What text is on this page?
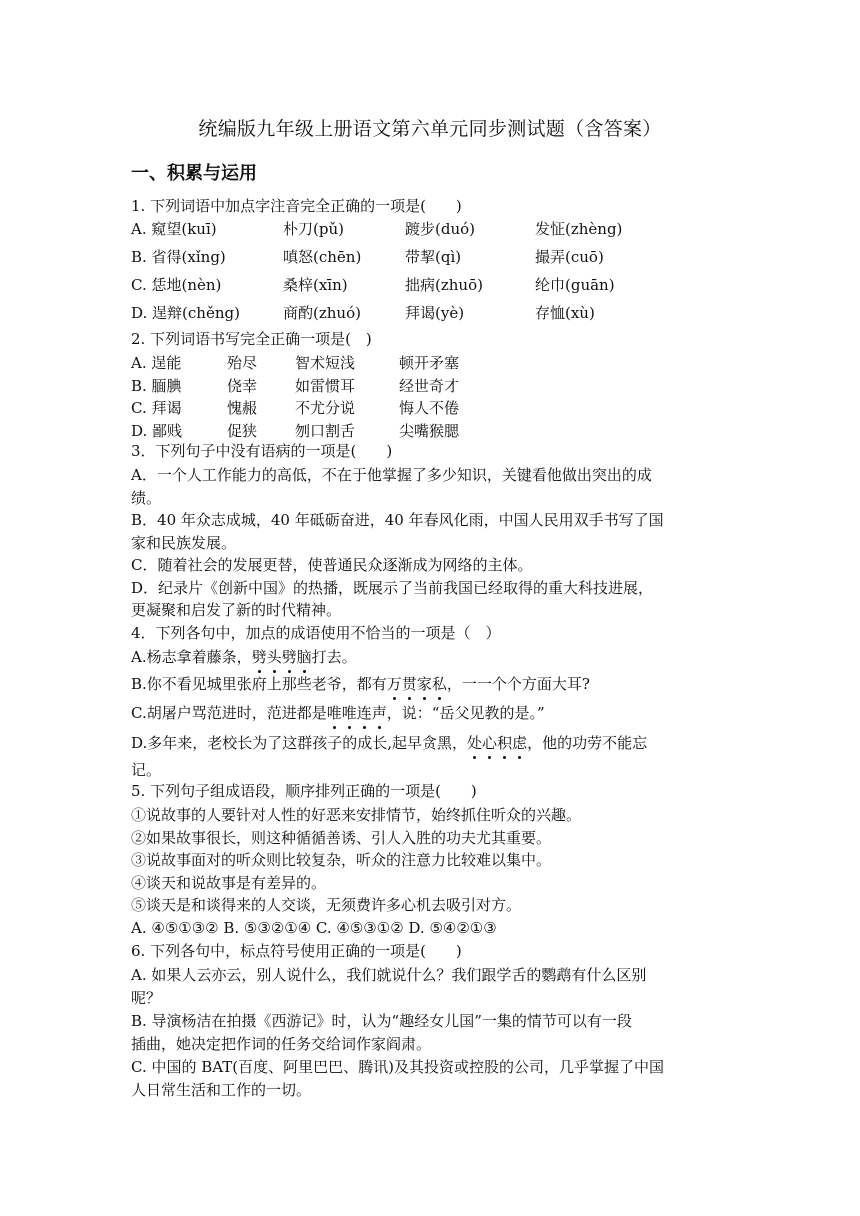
统编版九年级上册语文第六单元同步测试题（含答案）
一、积累与运用
1. 下列词语中加点字注音完全正确的一项是(　　)
A. 窥望(kuī)	朴刀(pǔ)	踱步(duó)	发怔(zhèng)
B. 省得(xǐng)	嗔怒(chēn)	带挈(qì)	撮弄(cuō)
C. 恁地(nèn)	桑梓(xīn)	拙病(zhuō)	纶巾(guān)
D. 逞辩(chěng)	商酌(zhuó)	拜谒(yè)	存恤(xù)
2. 下列词语书写完全正确一项是(　)
A. 逞能	殆尽	智术短浅	顿开矛塞
B. 腼腆	侥幸	如雷惯耳	经世奇才
C. 拜谒	愧赧	不尤分说	悔人不倦
D. 鄙贱	促狭	刎口割舌	尖嘴猴腮
3．下列句子中没有语病的一项是(　　)
A．一个人工作能力的高低，不在于他掌握了多少知识，关键看他做出突出的成
绩。
B．40 年众志成城，40 年砥砺奋进，40 年春风化雨，中国人民用双手书写了国
家和民族发展。
C．随着社会的发展更替，使普通民众逐渐成为网络的主体。
D．纪录片《创新中国》的热播，既展示了当前我国已经取得的重大科技进展，
更凝聚和启发了新的时代精神。
4．下列各句中，加点的成语使用不恰当的一项是（　）
A.杨志拿着藤条，劈
头
劈
脑
打去。
B.你不看见城里张府上那些老爷，都有万
贯
家
私
，一一个个方面大耳?
C.胡屠户骂范进时，范进都是唯
唯
连
声
，说：“岳父见教的是。”
D.多年来，老校长为了这群孩子的成长,起早贪黑，处
心
积
虑
，他的功劳不能忘
记。
5. 下列句子组成语段，顺序排列正确的一项是(　　)
①说故事的人要针对人性的好恶来安排情节，始终抓住听众的兴趣。
②如果故事很长，则这种循循善诱、引人入胜的功夫尤其重要。
③说故事面对的听众则比较复杂，听众的注意力比较难以集中。
④谈天和说故事是有差异的。
⑤谈天是和谈得来的人交谈，无须费许多心机去吸引对方。
A. ④⑤①③② B. ⑤③②①④ C. ④⑤③①② D. ⑤④②①③
6. 下列各句中，标点符号使用正确的一项是(　　)
A. 如果人云亦云，别人说什么，我们就说什么？我们跟学舌的鹦鹉有什么区别
呢？
B. 导演杨洁在拍摄《西游记》时，认为“趣经女儿国”一集的情节可以有一段
插曲，她决定把作词的任务交给词作家阎肃。
C. 中国的 BAT(百度、阿里巴巴、腾讯)及其投资或控股的公司，几乎掌握了中国
人日常生活和工作的一切。
